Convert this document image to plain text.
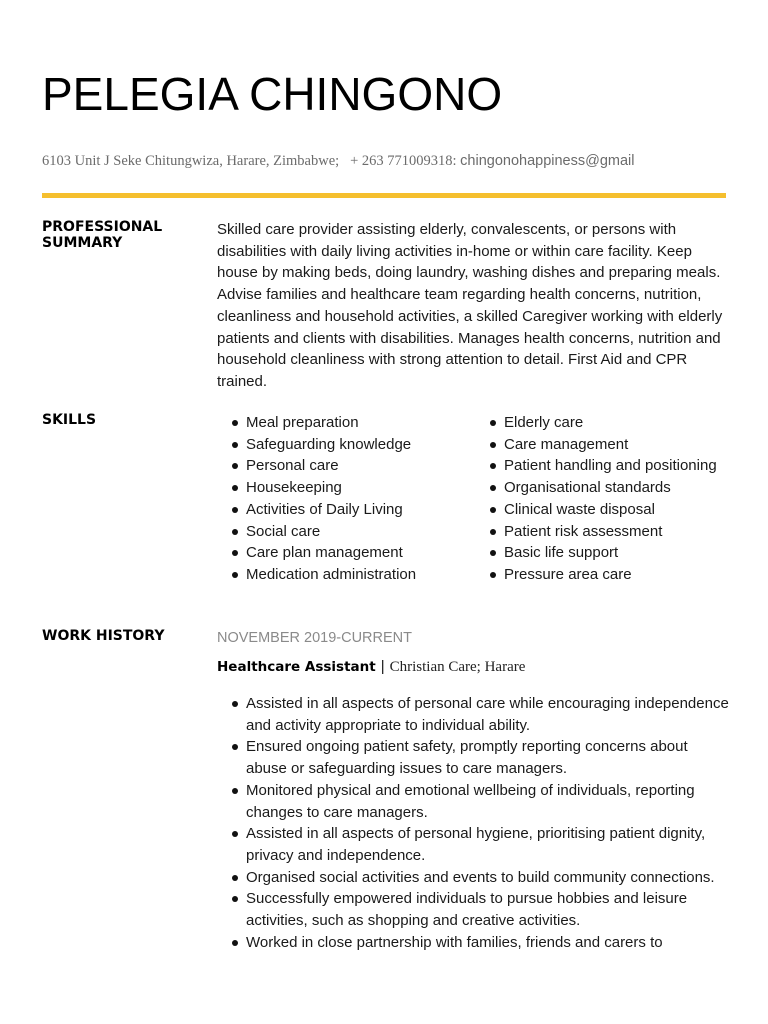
PELEGIA CHINGONO
6103 Unit J Seke Chitungwiza, Harare, Zimbabwe; + 263 771009318: chingonohappiness@gmail
PROFESSIONAL SUMMARY

Skilled care provider assisting elderly, convalescents, or persons with disabilities with daily living activities in-home or within care facility. Keep house by making beds, doing laundry, washing dishes and preparing meals. Advise families and healthcare team regarding health concerns, nutrition, cleanliness and household activities, a skilled Caregiver working with elderly patients and clients with disabilities. Manages health concerns, nutrition and household cleanliness with strong attention to detail. First Aid and CPR trained.

SKILLS	Meal preparation
Safeguarding knowledge
Personal care
Housekeeping
Activities of Daily Living
Social care
Care plan management
Medication administration
Elderly care
Care management
Patient handling and positioning
Organisational standards
Clinical waste disposal
Patient risk assessment
Basic life support
Pressure area care
WORK HISTORY	NOVEMBER 2019-CURRENT

Healthcare Assistant | Christian Care; Harare

Assisted in all aspects of personal care while encouraging independence and activity appropriate to individual ability.
Ensured ongoing patient safety, promptly reporting concerns about abuse or safeguarding issues to care managers.
Monitored physical and emotional wellbeing of individuals, reporting changes to care managers.
Assisted in all aspects of personal hygiene, prioritising patient dignity, privacy and independence.
Organised social activities and events to build community connections.
Successfully empowered individuals to pursue hobbies and leisure activities, such as shopping and creative activities.
Worked in close partnership with families, friends and carers to
